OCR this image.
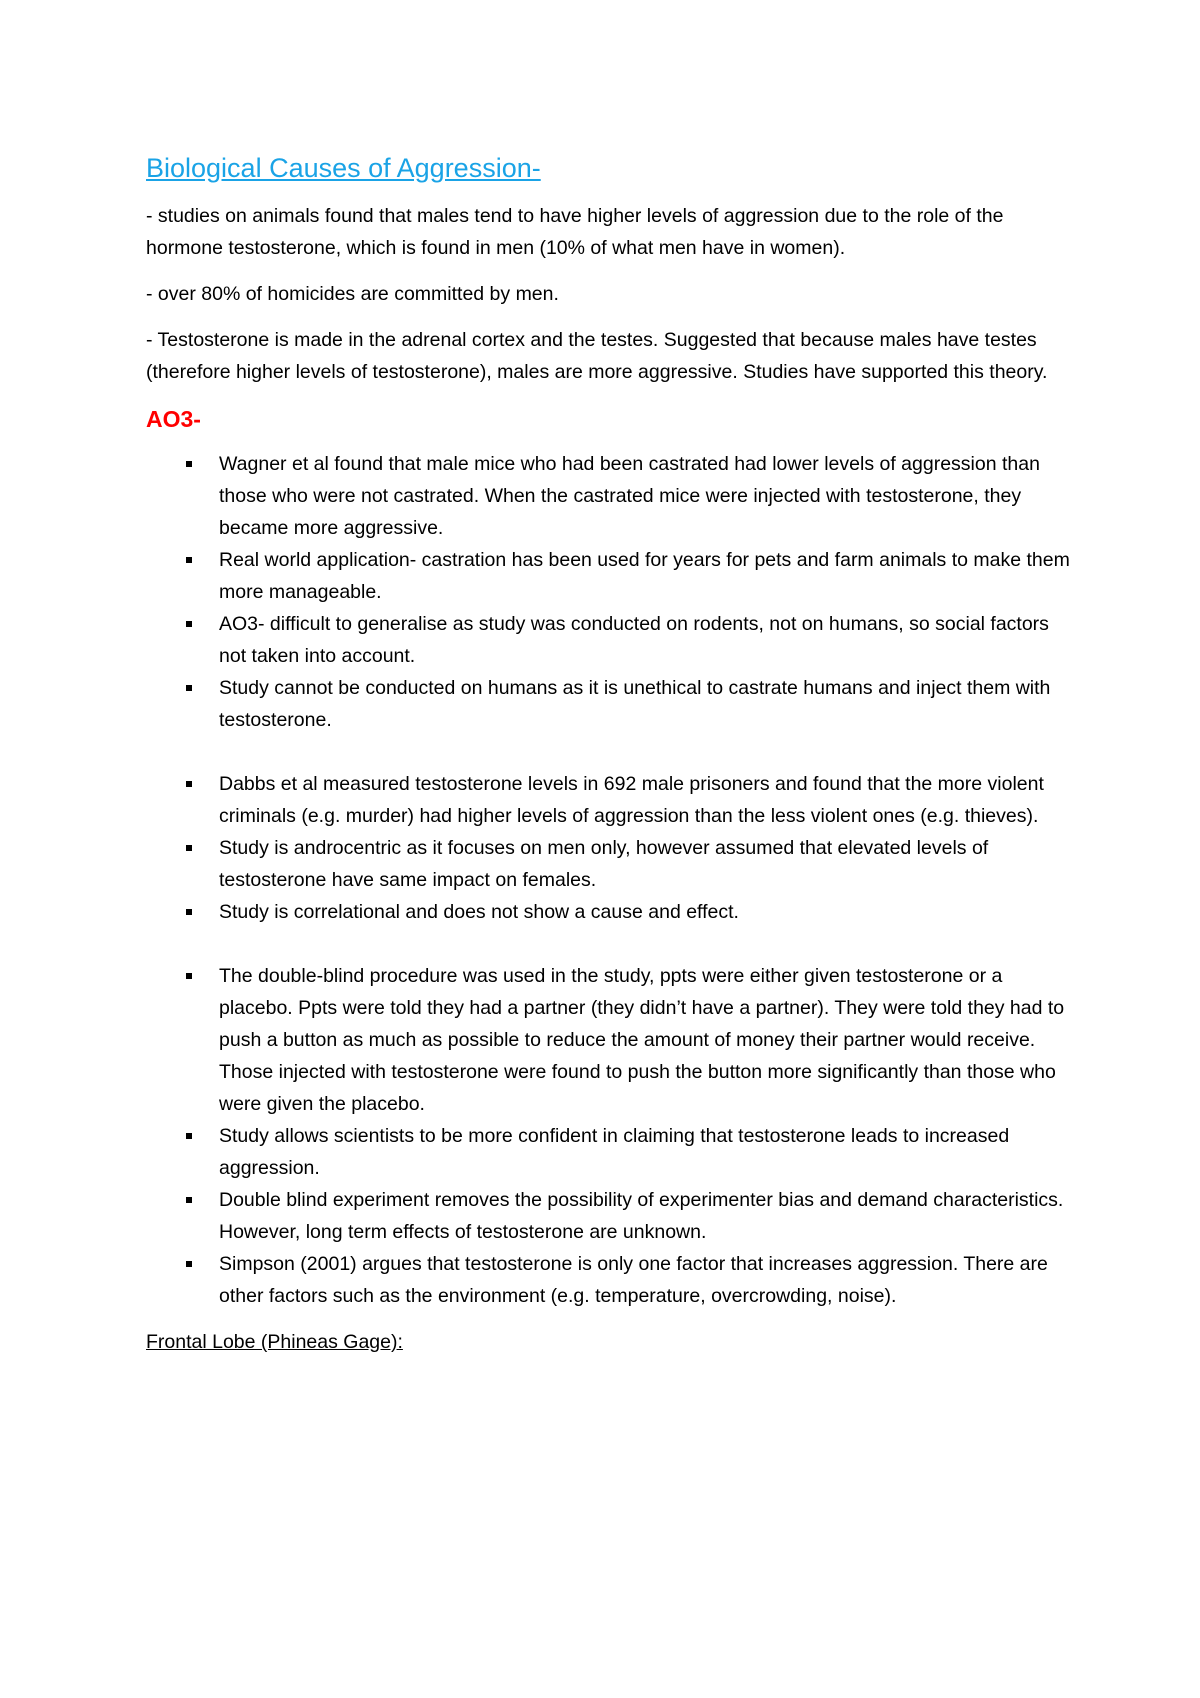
Biological Causes of Aggression-
- studies on animals found that males tend to have higher levels of aggression due to the role of the hormone testosterone, which is found in men (10% of what men have in women).
- over 80% of homicides are committed by men.
- Testosterone is made in the adrenal cortex and the testes. Suggested that because males have testes (therefore higher levels of testosterone), males are more aggressive. Studies have supported this theory.
AO3-
Wagner et al found that male mice who had been castrated had lower levels of aggression than those who were not castrated. When the castrated mice were injected with testosterone, they became more aggressive.
Real world application- castration has been used for years for pets and farm animals to make them more manageable.
AO3- difficult to generalise as study was conducted on rodents, not on humans, so social factors not taken into account.
Study cannot be conducted on humans as it is unethical to castrate humans and inject them with testosterone.
Dabbs et al measured testosterone levels in 692 male prisoners and found that the more violent criminals (e.g. murder) had higher levels of aggression than the less violent ones (e.g. thieves).
Study is androcentric as it focuses on men only, however assumed that elevated levels of testosterone have same impact on females.
Study is correlational and does not show a cause and effect.
The double-blind procedure was used in the study, ppts were either given testosterone or a placebo. Ppts were told they had a partner (they didn’t have a partner). They were told they had to push a button as much as possible to reduce the amount of money their partner would receive. Those injected with testosterone were found to push the button more significantly than those who were given the placebo.
Study allows scientists to be more confident in claiming that testosterone leads to increased aggression.
Double blind experiment removes the possibility of experimenter bias and demand characteristics. However, long term effects of testosterone are unknown.
Simpson (2001) argues that testosterone is only one factor that increases aggression. There are other factors such as the environment (e.g. temperature, overcrowding, noise).
Frontal Lobe (Phineas Gage):
